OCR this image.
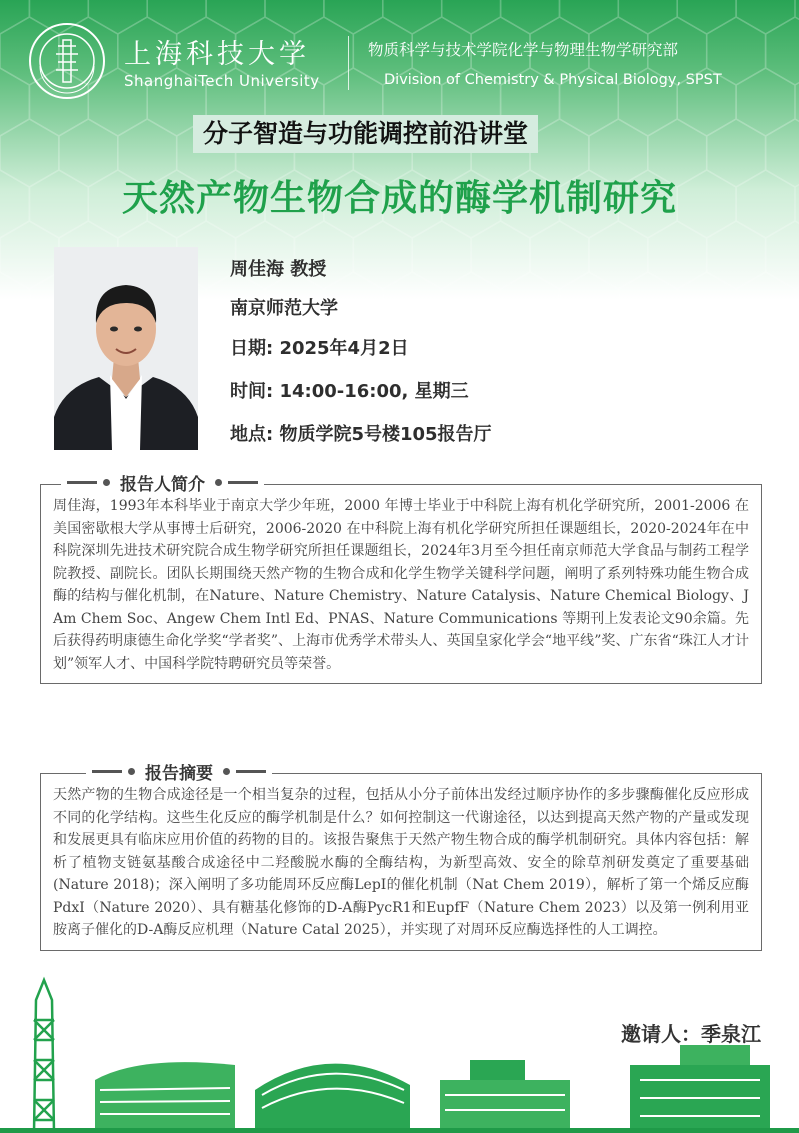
上海科技大学
ShanghaiTech University
物质科学与技术学院化学与物理生物学研究部
Division of Chemistry & Physical Biology, SPST
分子智造与功能调控前沿讲堂
天然产物生物合成的酶学机制研究
周佳海 教授
南京师范大学
日期: 2025年4月2日
时间: 14:00-16:00, 星期三
地点: 物质学院5号楼105报告厅
报告人简介
周佳海，1993年本科毕业于南京大学少年班，2000 年博士毕业于中科院上海有机化学研究所，2001-2006 在美国密歇根大学从事博士后研究，2006-2020 在中科院上海有机化学研究所担任课题组长，2020-2024年在中科院深圳先进技术研究院合成生物学研究所担任课题组长，2024年3月至今担任南京师范大学食品与制药工程学院教授、副院长。团队长期围绕天然产物的生物合成和化学生物学关键科学问题，阐明了系列特殊功能生物合成酶的结构与催化机制，在Nature、Nature Chemistry、Nature Catalysis、Nature Chemical Biology、J Am Chem Soc、Angew Chem Intl Ed、PNAS、Nature Communications 等期刊上发表论文90余篇。先后获得药明康德生命化学奖“学者奖”、上海市优秀学术带头人、英国皇家化学会“地平线”奖、广东省“珠江人才计划”领军人才、中国科学院特聘研究员等荣誉。
报告摘要
天然产物的生物合成途径是一个相当复杂的过程，包括从小分子前体出发经过顺序协作的多步骤酶催化反应形成不同的化学结构。这些生化反应的酶学机制是什么？如何控制这一代谢途径，以达到提高天然产物的产量或发现和发展更具有临床应用价值的药物的目的。该报告聚焦于天然产物生物合成的酶学机制研究。具体内容包括：解析了植物支链氨基酸合成途径中二羟酸脱水酶的全酶结构，为新型高效、安全的除草剂研发奠定了重要基础 (Nature 2018)；深入阐明了多功能周环反应酶LepI的催化机制（Nat Chem 2019），解析了第一个烯反应酶PdxI（Nature 2020）、具有糖基化修饰的D-A酶PycR1和EupfF（Nature Chem 2023）以及第一例利用亚胺离子催化的D-A酶反应机理（Nature Catal 2025），并实现了对周环反应酶选择性的人工调控。
邀请人：季泉江
